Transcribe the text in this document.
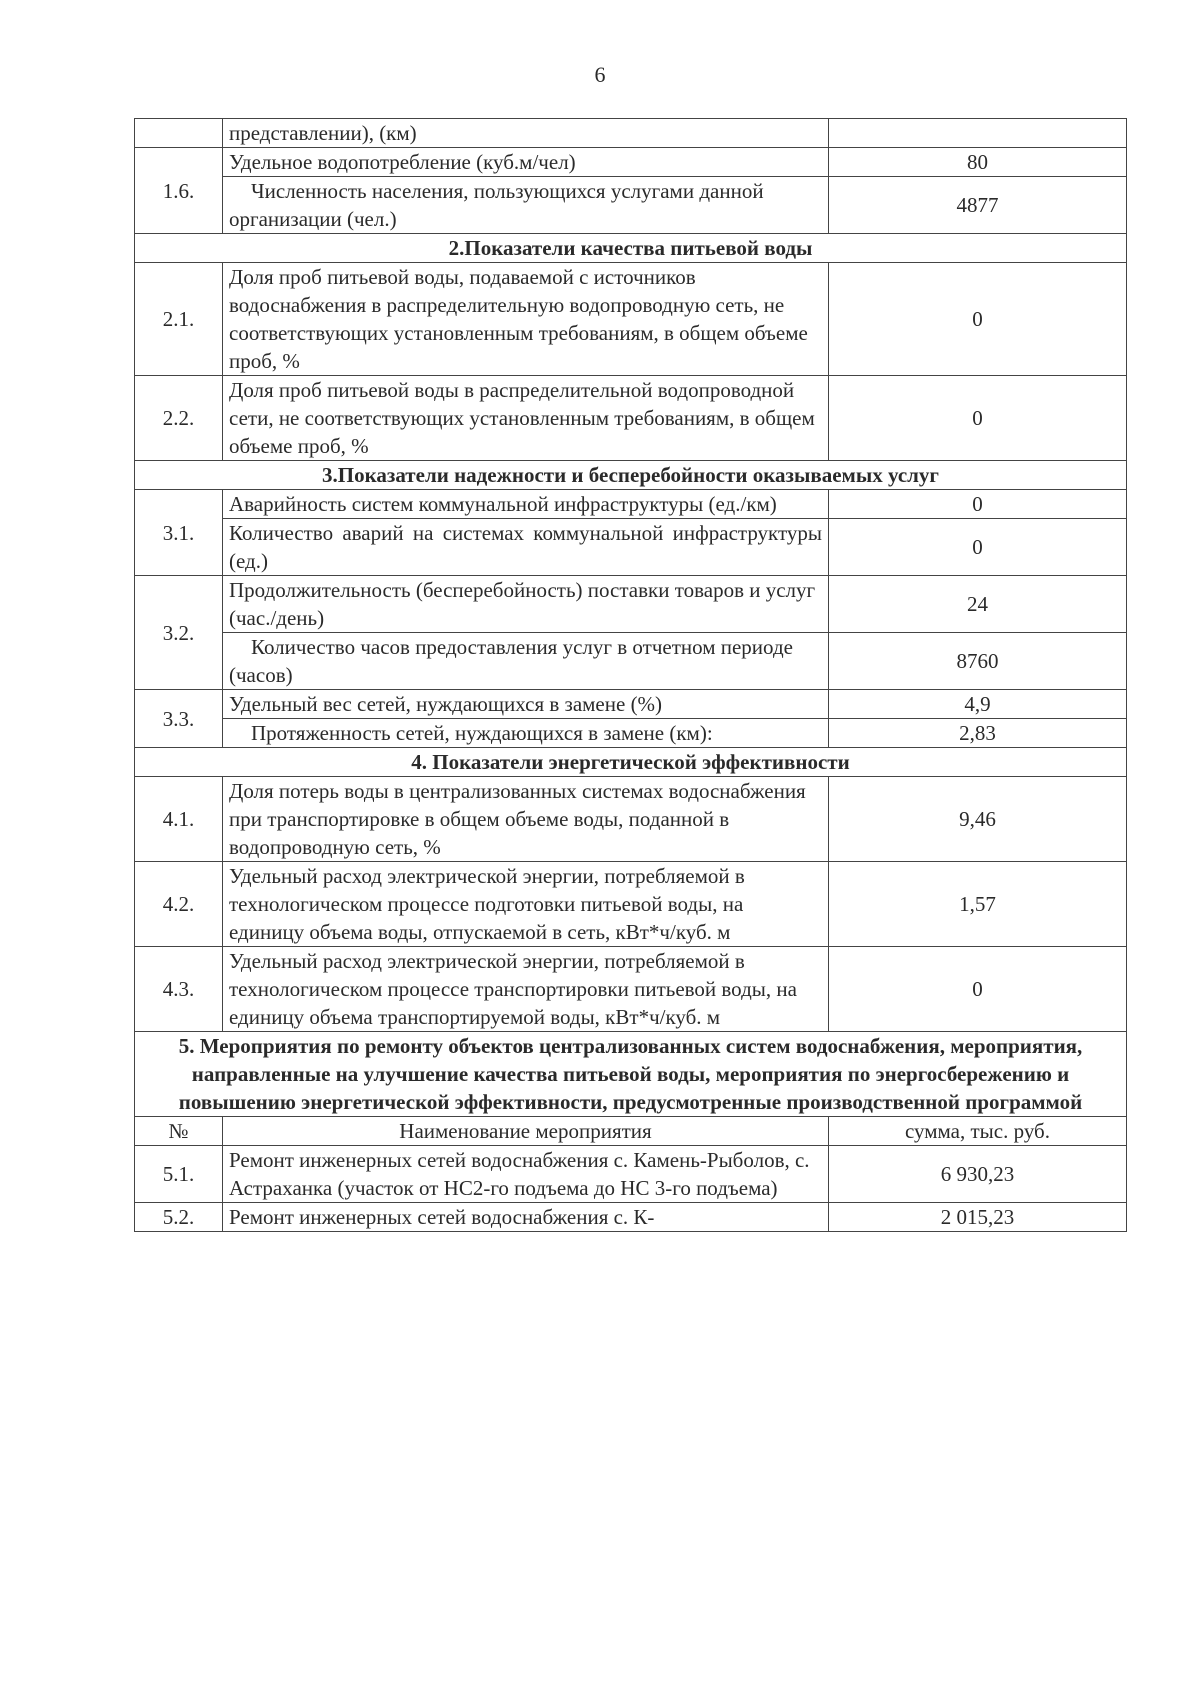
6
	представлении), (км)	
1.6.	Удельное водопотребление (куб.м/чел)	80
	Численность населения, пользующихся услугами данной организации (чел.)	4877
2.Показатели качества питьевой воды		
2.1.	Доля проб питьевой воды, подаваемой с источников водоснабжения в распределительную водопроводную сеть, не соответствующих установленным требованиям, в общем объеме проб, %	0
2.2.	Доля проб питьевой воды в распределительной водопроводной сети, не соответствующих установленным требованиям, в общем объеме проб, %	0
3.Показатели надежности и бесперебойности оказываемых услуг		
3.1.	Аварийность систем коммунальной инфраструктуры (ед./км)	0
	Количество аварий на системах коммунальной инфраструктуры (ед.)	0
3.2.	Продолжительность (бесперебойность) поставки товаров и услуг (час./день)	24
	Количество часов предоставления услуг в отчетном периоде (часов)	8760
3.3.	Удельный вес сетей, нуждающихся в замене (%)	4,9
	Протяженность сетей, нуждающихся в замене (км):	2,83
4. Показатели энергетической эффективности		
4.1.	Доля потерь воды в централизованных системах водоснабжения при транспортировке в общем объеме воды, поданной в водопроводную сеть, %	9,46
4.2.	Удельный расход электрической энергии, потребляемой в технологическом процессе подготовки питьевой воды, на единицу объема воды, отпускаемой в сеть, кВт*ч/куб. м	1,57
4.3.	Удельный расход электрической энергии, потребляемой в технологическом процессе транспортировки питьевой воды, на единицу объема транспортируемой воды, кВт*ч/куб. м	0
5. Мероприятия по ремонту объектов централизованных систем водоснабжения, мероприятия, направленные на улучшение качества питьевой воды, мероприятия по энергосбережению и повышению энергетической эффективности, предусмотренные производственной программой		
№	Наименование мероприятия	сумма, тыс. руб.
5.1.	Ремонт инженерных сетей водоснабжения с. Камень-Рыболов, с. Астраханка (участок от НС2-го подъема до НС 3-го подъема)	6 930,23
5.2.	Ремонт инженерных сетей водоснабжения с. К-	2 015,23
